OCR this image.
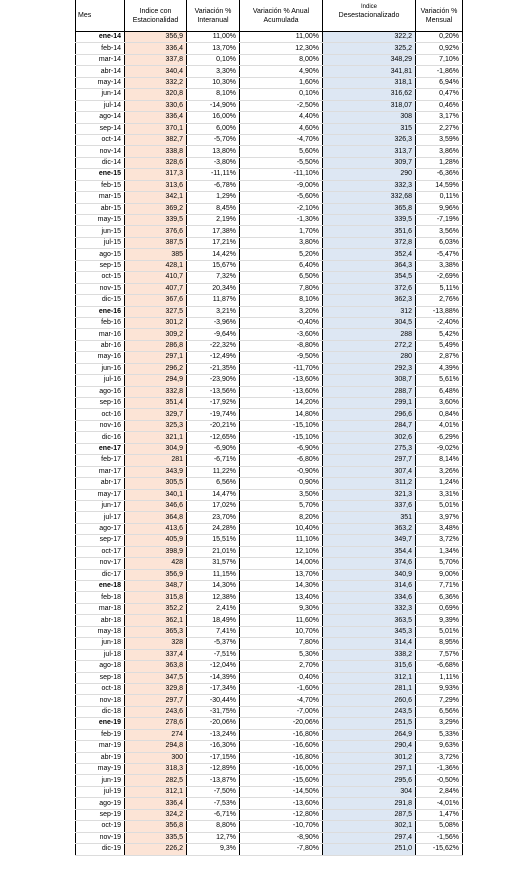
Mes	Indice con Estacionalidad	Variación % Interanual	Variación % Anual Acumulada	Indice
Desestacionalizado	Variación % Mensual
ene-14	356,9	11,00%	11,00%	322,2	0,20%
feb-14	336,4	13,70%	12,30%	325,2	0,92%
mar-14	337,8	0,10%	8,00%	348,29	7,10%
abr-14	340,4	3,30%	4,90%	341,81	-1,86%
may-14	332,2	10,30%	1,60%	318,1	6,94%
jun-14	320,8	8,10%	0,10%	316,62	0,47%
jul-14	330,6	-14,90%	-2,50%	318,07	0,46%
ago-14	336,4	16,00%	4,40%	308	3,17%
sep-14	370,1	6,00%	4,60%	315	2,27%
oct-14	382,7	-5,70%	-4,70%	326,3	3,59%
nov-14	338,8	13,80%	5,60%	313,7	3,86%
dic-14	328,6	-3,80%	-5,50%	309,7	1,28%
ene-15	317,3	-11,11%	-11,10%	290	-6,36%
feb-15	313,6	-6,78%	-9,00%	332,3	14,59%
mar-15	342,1	1,29%	-5,60%	332,68	0,11%
abr-15	369,2	8,45%	-2,10%	365,8	9,96%
may-15	339,5	2,19%	-1,30%	339,5	-7,19%
jun-15	376,6	17,38%	1,70%	351,6	3,56%
jul-15	387,5	17,21%	3,80%	372,8	6,03%
ago-15	385	14,42%	5,20%	352,4	-5,47%
sep-15	428,1	15,67%	6,40%	364,3	3,38%
oct-15	410,7	7,32%	6,50%	354,5	-2,69%
nov-15	407,7	20,34%	7,80%	372,6	5,11%
dic-15	367,6	11,87%	8,10%	362,3	2,76%
ene-16	327,5	3,21%	3,20%	312	-13,88%
feb-16	301,2	-3,96%	-0,40%	304,5	-2,40%
mar-16	309,2	-9,64%	-3,60%	288	5,42%
abr-16	286,8	-22,32%	-8,80%	272,2	5,49%
may-16	297,1	-12,49%	-9,50%	280	2,87%
jun-16	296,2	-21,35%	-11,70%	292,3	4,39%
jul-16	294,9	-23,90%	-13,60%	308,7	5,61%
ago-16	332,8	-13,56%	-13,60%	288,7	6,48%
sep-16	351,4	-17,92%	14,20%	299,1	3,60%
oct-16	329,7	-19,74%	14,80%	296,6	0,84%
nov-16	325,3	-20,21%	-15,10%	284,7	4,01%
dic-16	321,1	-12,65%	-15,10%	302,6	6,29%
ene-17	304,9	-6,90%	-6,90%	275,3	-9,02%
feb-17	281	-6,71%	-6,80%	297,7	8,14%
mar-17	343,9	11,22%	-0,90%	307,4	3,26%
abr-17	305,5	6,56%	0,90%	311,2	1,24%
may-17	340,1	14,47%	3,50%	321,3	3,31%
jun-17	346,6	17,02%	5,70%	337,6	5,01%
jul-17	364,8	23,70%	8,20%	351	3,97%
ago-17	413,6	24,28%	10,40%	363,2	3,48%
sep-17	405,9	15,51%	11,10%	349,7	3,72%
oct-17	398,9	21,01%	12,10%	354,4	1,34%
nov-17	428	31,57%	14,00%	374,6	5,70%
dic-17	356,9	11,15%	13,70%	340,9	9,00%
ene-18	348,7	14,30%	14,30%	314,6	7,71%
feb-18	315,8	12,38%	13,40%	334,6	6,36%
mar-18	352,2	2,41%	9,30%	332,3	0,69%
abr-18	362,1	18,49%	11,60%	363,5	9,39%
may-18	365,3	7,41%	10,70%	345,3	5,01%
jun-18	328	-5,37%	7,80%	314,4	8,95%
jul-18	337,4	-7,51%	5,30%	338,2	7,57%
ago-18	363,8	-12,04%	2,70%	315,6	-6,68%
sep-18	347,5	-14,39%	0,40%	312,1	1,11%
oct-18	329,8	-17,34%	-1,60%	281,1	9,93%
nov-18	297,7	-30,44%	-4,70%	260,6	7,29%
dic-18	243,6	-31,75%	-7,00%	243,5	6,56%
ene-19	278,6	-20,06%	-20,06%	251,5	3,29%
feb-19	274	-13,24%	-16,80%	264,9	5,33%
mar-19	294,8	-16,30%	-16,60%	290,4	9,63%
abr-19	300	-17,15%	-16,80%	301,2	3,72%
may-19	318,3	-12,89%	-16,00%	297,1	-1,36%
jun-19	282,5	-13,87%	-15,60%	295,6	-0,50%
jul-19	312,1	-7,50%	-14,50%	304	2,84%
ago-19	336,4	-7,53%	-13,60%	291,8	-4,01%
sep-19	324,2	-6,71%	-12,80%	287,5	1,47%
oct-19	356,8	8,80%	-10,70%	302,1	5,08%
nov-19	335,5	12,7%	-8,90%	297,4	-1,56%
dic-19	226,2	9,3%	-7,80%	251,0	-15,62%
